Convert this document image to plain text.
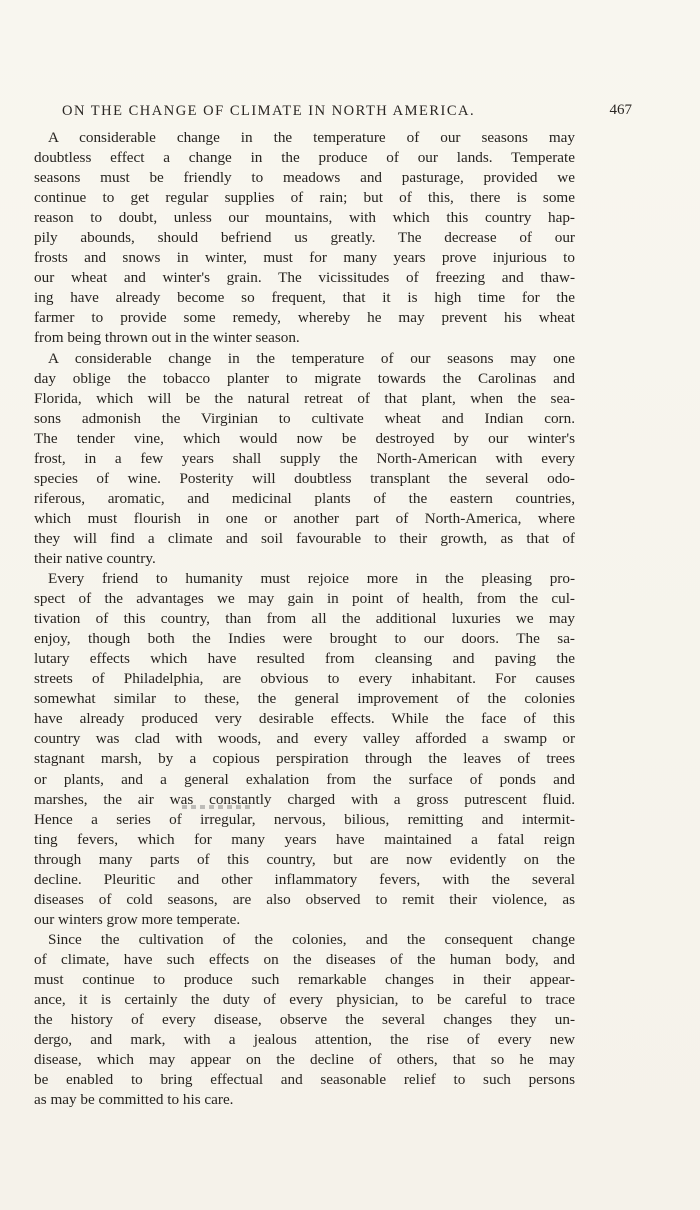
ON THE CHANGE OF CLIMATE IN NORTH AMERICA.	467
A considerable change in the temperature of our seasons may
doubtless effect a change in the produce of our lands. Temperate
seasons must be friendly to meadows and pasturage, provided we
continue to get regular supplies of rain; but of this, there is some
reason to doubt, unless our mountains, with which this country hap-
pily abounds, should befriend us greatly. The decrease of our
frosts and snows in winter, must for many years prove injurious to
our wheat and winter's grain. The vicissitudes of freezing and thaw-
ing have already become so frequent, that it is high time for the
farmer to provide some remedy, whereby he may prevent his wheat
from being thrown out in the winter season.
A considerable change in the temperature of our seasons may one
day oblige the tobacco planter to migrate towards the Carolinas and
Florida, which will be the natural retreat of that plant, when the sea-
sons admonish the Virginian to cultivate wheat and Indian corn.
The tender vine, which would now be destroyed by our winter's
frost, in a few years shall supply the North-American with every
species of wine. Posterity will doubtless transplant the several odo-
riferous, aromatic, and medicinal plants of the eastern countries,
which must flourish in one or another part of North-America, where
they will find a climate and soil favourable to their growth, as that of
their native country.
Every friend to humanity must rejoice more in the pleasing pro-
spect of the advantages we may gain in point of health, from the cul-
tivation of this country, than from all the additional luxuries we may
enjoy, though both the Indies were brought to our doors. The sa-
lutary effects which have resulted from cleansing and paving the
streets of Philadelphia, are obvious to every inhabitant. For causes
somewhat similar to these, the general improvement of the colonies
have already produced very desirable effects. While the face of this
country was clad with woods, and every valley afforded a swamp or
stagnant marsh, by a copious perspiration through the leaves of trees
or plants, and a general exhalation from the surface of ponds and
marshes, the air was constantly charged with a gross putrescent fluid.
Hence a series of irregular, nervous, bilious, remitting and intermit-
ting fevers, which for many years have maintained a fatal reign
through many parts of this country, but are now evidently on the
decline. Pleuritic and other inflammatory fevers, with the several
diseases of cold seasons, are also observed to remit their violence, as
our winters grow more temperate.
Since the cultivation of the colonies, and the consequent change
of climate, have such effects on the diseases of the human body, and
must continue to produce such remarkable changes in their appear-
ance, it is certainly the duty of every physician, to be careful to trace
the history of every disease, observe the several changes they un-
dergo, and mark, with a jealous attention, the rise of every new
disease, which may appear on the decline of others, that so he may
be enabled to bring effectual and seasonable relief to such persons
as may be committed to his care.
